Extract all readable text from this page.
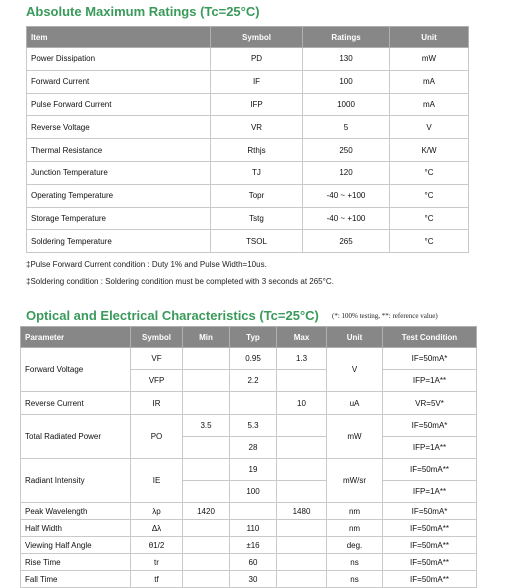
Absolute Maximum Ratings (Tc=25°C)
Item	Symbol	Ratings	Unit
Power Dissipation	PD	130	mW
Forward Current	IF	100	mA
Pulse Forward Current	IFP	1000	mA
Reverse Voltage	VR	5	V
Thermal Resistance	Rthjs	250	K/W
Junction Temperature	TJ	120	°C
Operating Temperature	Topr	-40 ~ +100	°C
Storage Temperature	Tstg	-40 ~ +100	°C
Soldering Temperature	TSOL	265	°C
‡Pulse Forward Current condition : Duty 1% and Pulse Width=10us.
‡Soldering condition : Soldering condition must be completed with 3 seconds at 265°C.
Optical and Electrical Characteristics (Tc=25°C) (*: 100% testing, **: reference value)
Parameter	Symbol	Min	Typ	Max	Unit	Test Condition
Forward Voltage	VF		0.95	1.3	V	IF=50mA*
	VFP		2.2			IFP=1A**
Reverse Current	IR			10	uA	VR=5V*
Total Radiated Power	PO	3.5	5.3		mW	IF=50mA*
			28			IFP=1A**
Radiant Intensity	IE		19		mW/sr	IF=50mA**
			100			IFP=1A**
Peak Wavelength	λp	1420		1480	nm	IF=50mA*
Half Width	Δλ		110		nm	IF=50mA**
Viewing Half Angle	θ1/2		±16		deg.	IF=50mA**
Rise Time	tr		60		ns	IF=50mA**
Fall Time	tf		30		ns	IF=50mA**
